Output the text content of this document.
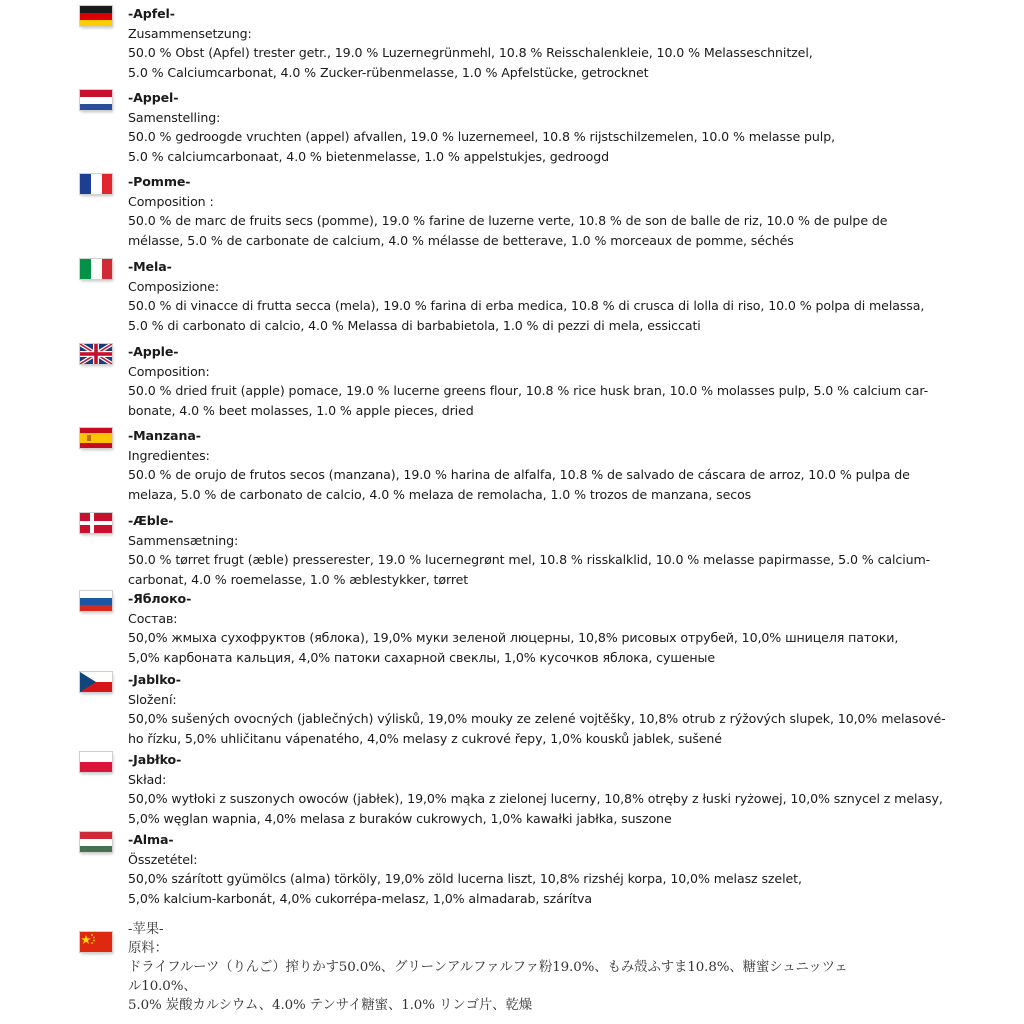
-Apfel-
Zusammensetzung:
50.0 % Obst (Apfel) trester getr., 19.0 % Luzernegrünmehl, 10.8 % Reisschalenkleie, 10.0 % Melasseschnitzel,
5.0 % Calciumcarbonat, 4.0 % Zucker-rübenmelasse, 1.0 % Apfelstücke, getrocknet
-Appel-
Samenstelling:
50.0 % gedroogde vruchten (appel) afvallen, 19.0 % luzernemeel, 10.8 % rijstschilzemelen, 10.0 % melasse pulp,
5.0 % calciumcarbonaat, 4.0 % bietenmelasse, 1.0 % appelstukjes, gedroogd
-Pomme-
Composition :
50.0 % de marc de fruits secs (pomme), 19.0 % farine de luzerne verte, 10.8 % de son de balle de riz, 10.0 % de pulpe de
mélasse, 5.0 % de carbonate de calcium, 4.0 % mélasse de betterave, 1.0 % morceaux de pomme, séchés
-Mela-
Composizione:
50.0 % di vinacce di frutta secca (mela), 19.0 % farina di erba medica, 10.8 % di crusca di lolla di riso, 10.0 % polpa di melassa,
5.0 % di carbonato di calcio, 4.0 % Melassa di barbabietola, 1.0 % di pezzi di mela, essiccati
-Apple-
Composition:
50.0 % dried fruit (apple) pomace, 19.0 % lucerne greens flour, 10.8 % rice husk bran, 10.0 % molasses pulp, 5.0 % calcium car-
bonate, 4.0 % beet molasses, 1.0 % apple pieces, dried
-Manzana-
Ingredientes:
50.0 % de orujo de frutos secos (manzana), 19.0 % harina de alfalfa, 10.8 % de salvado de cáscara de arroz, 10.0 % pulpa de
melaza, 5.0 % de carbonato de calcio, 4.0 % melaza de remolacha, 1.0 % trozos de manzana, secos
-Æble-
Sammensætning:
50.0 % tørret frugt (æble) presserester, 19.0 % lucernegrønt mel, 10.8 % risskalklid, 10.0 % melasse papirmasse, 5.0 % calcium-
carbonat, 4.0 % roemelasse, 1.0 % æblestykker, tørret
-Яблоко-
Состав:
50,0% жмыха сухофруктов (яблока), 19,0% муки зеленой люцерны, 10,8% рисовых отрубей, 10,0% шницеля патоки,
5,0% карбоната кальция, 4,0% патоки сахарной свеклы, 1,0% кусочков яблока, сушеные
-Jablko-
Složení:
50,0% sušených ovocných (jablečných) výlisků, 19,0% mouky ze zelené vojtěšky, 10,8% otrub z rýžových slupek, 10,0% melasové-
ho řízku, 5,0% uhličitanu vápenatého, 4,0% melasy z cukrové řepy, 1,0% kousků jablek, sušené
-Jabłko-
Skład:
50,0% wytłoki z suszonych owoców (jabłek), 19,0% mąka z zielonej lucerny, 10,8% otręby z łuski ryżowej, 10,0% sznycel z melasy,
5,0% węglan wapnia, 4,0% melasa z buraków cukrowych, 1,0% kawałki jabłka, suszone
-Alma-
Összetétel:
50,0% szárított gyümölcs (alma) törköly, 19,0% zöld lucerna liszt, 10,8% rizshéj korpa, 10,0% melasz szelet,
5,0% kalcium-karbonát, 4,0% cukorrépa-melasz, 1,0% almadarab, szárítva
-苹果-
原料：
ドライフルーツ（りんご）搾りかす50.0%、グリーンアルファルファ粉19.0%、もみ殻ふすま10.8%、糖蜜シュニッツェ
ル10.0%、
5.0% 炭酸カルシウム、4.0% テンサイ糖蜜、1.0% リンゴ片、乾燥
